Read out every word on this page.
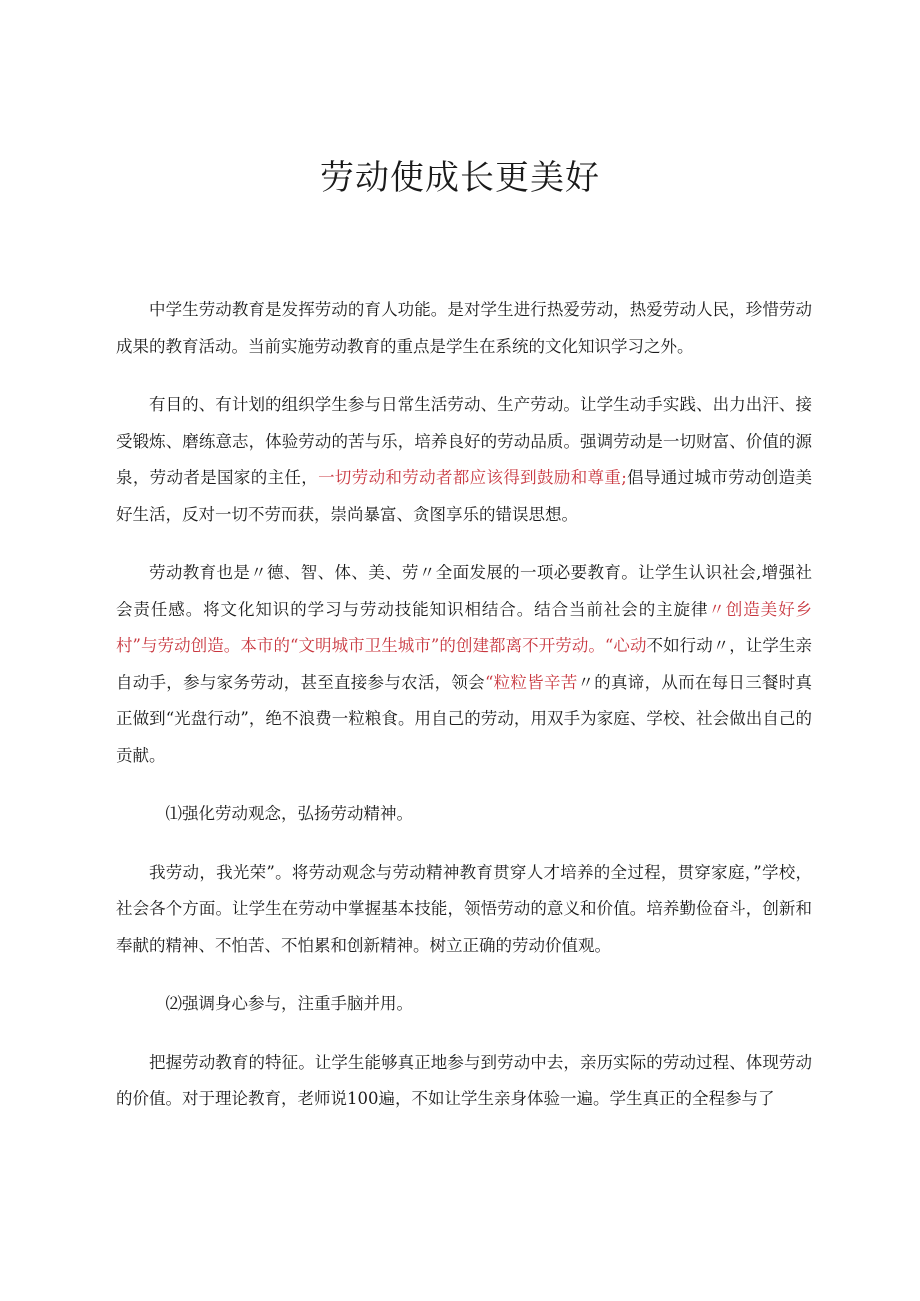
劳动使成长更美好

中学生劳动教育是发挥劳动的育人功能。是对学生进行热爱劳动，热爱劳动人民，珍惜劳动成果的教育活动。当前实施劳动教育的重点是学生在系统的文化知识学习之外。

有目的、有计划的组织学生参与日常生活劳动、生产劳动。让学生动手实践、出力出汗、接受锻炼、磨练意志，体验劳动的苦与乐，培养良好的劳动品质。强调劳动是一切财富、价值的源泉，劳动者是国家的主任，一切劳动和劳动者都应该得到鼓励和尊重;倡导通过城市劳动创造美好生活，反对一切不劳而获，崇尚暴富、贪图享乐的错误思想。

劳动教育也是〃德、智、体、美、劳〃全面发展的一项必要教育。让学生认识社会,增强社会责任感。将文化知识的学习与劳动技能知识相结合。结合当前社会的主旋律〃创造美好乡村”与劳动创造。本市的“文明城市卫生城市”的创建都离不开劳动。“心动不如行动〃，让学生亲自动手，参与家务劳动，甚至直接参与农活，领会“粒粒皆辛苦〃的真谛，从而在每日三餐时真正做到“光盘行动”，绝不浪费一粒粮食。用自己的劳动，用双手为家庭、学校、社会做出自己的贡献。

⑴强化劳动观念，弘扬劳动精神。

我劳动，我光荣”。将劳动观念与劳动精神教育贯穿人才培养的全过程，贯穿家庭，”学校，社会各个方面。让学生在劳动中掌握基本技能，领悟劳动的意义和价值。培养勤俭奋斗，创新和奉献的精神、不怕苦、不怕累和创新精神。树立正确的劳动价值观。

⑵强调身心参与，注重手脑并用。

把握劳动教育的特征。让学生能够真正地参与到劳动中去，亲历实际的劳动过程、体现劳动的价值。对于理论教育，老师说100遍，不如让学生亲身体验一遍。学生真正的全程参与了
